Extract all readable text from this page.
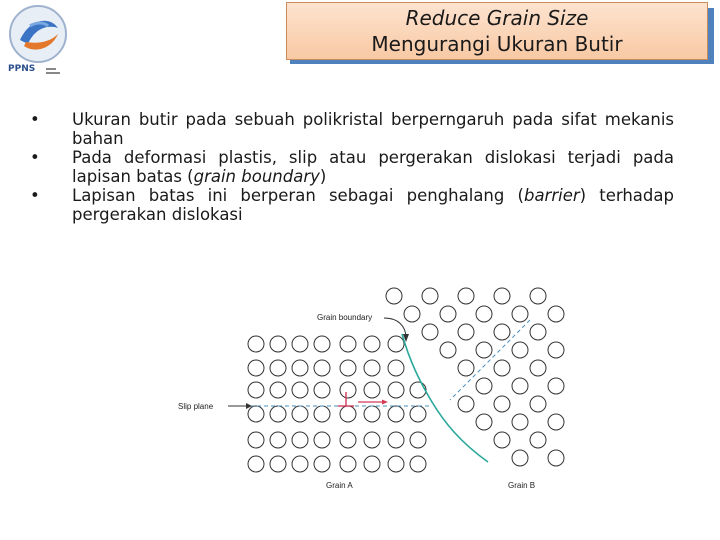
PPNS
Reduce Grain Size
Mengurangi Ukuran Butir
• Ukuran butir pada sebuah polikristal berperngaruh pada sifat mekanis bahan
• Pada deformasi plastis, slip atau pergerakan dislokasi terjadi pada lapisan batas (grain boundary)
• Lapisan batas ini berperan sebagai penghalang (barrier) terhadap pergerakan dislokasi
Grain boundary
Slip plane
Grain A	Grain B
